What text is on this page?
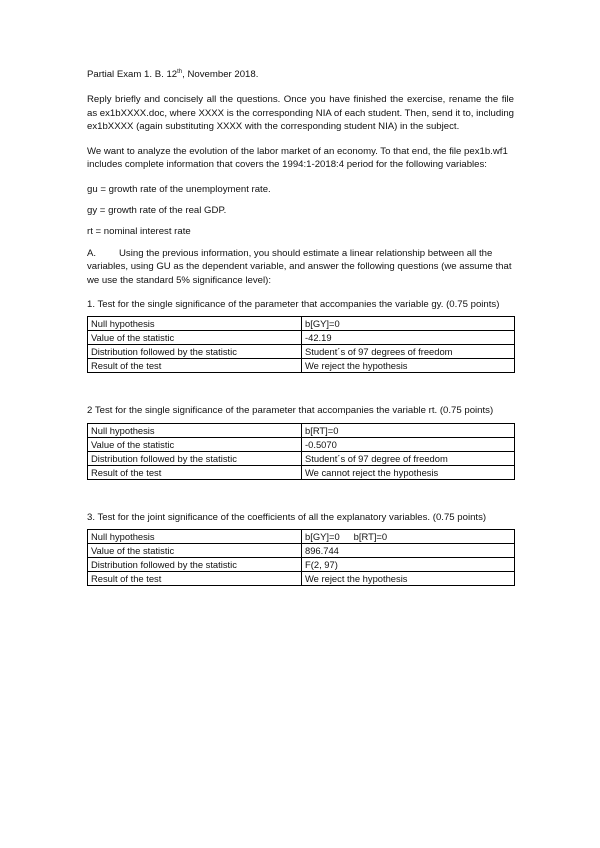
Partial Exam 1. B. 12th, November 2018.

Reply briefly and concisely all the questions. Once you have finished the exercise, rename the file as ex1bXXXX.doc, where XXXX is the corresponding NIA of each student. Then, send it to, including ex1bXXXX (again substituting XXXX with the corresponding student NIA) in the subject.

We want to analyze the evolution of the labor market of an economy. To that end, the file pex1b.wf1 includes complete information that covers the 1994:1-2018:4 period for the following variables:

gu = growth rate of the unemployment rate.

gy = growth rate of the real GDP.

rt = nominal interest rate

A. Using the previous information, you should estimate a linear relationship between all the variables, using GU as the dependent variable, and answer the following questions (we assume that we use the standard 5% significance level):

1. Test for the single significance of the parameter that accompanies the variable gy. (0.75 points)

Null hypothesis	b[GY]=0
Value of the statistic	-42.19
Distribution followed by the statistic	Student´s of 97 degrees of freedom
Result of the test	We reject the hypothesis

2 Test for the single significance of the parameter that accompanies the variable rt. (0.75 points)

Null hypothesis	b[RT]=0
Value of the statistic	-0.5070
Distribution followed by the statistic	Student´s of 97 degree of freedom
Result of the test	We cannot reject the hypothesis

3. Test for the joint significance of the coefficients of all the explanatory variables. (0.75 points)

Null hypothesis	b[GY]=0 b[RT]=0
Value of the statistic	896.744
Distribution followed by the statistic	F(2, 97)
Result of the test	We reject the hypothesis
